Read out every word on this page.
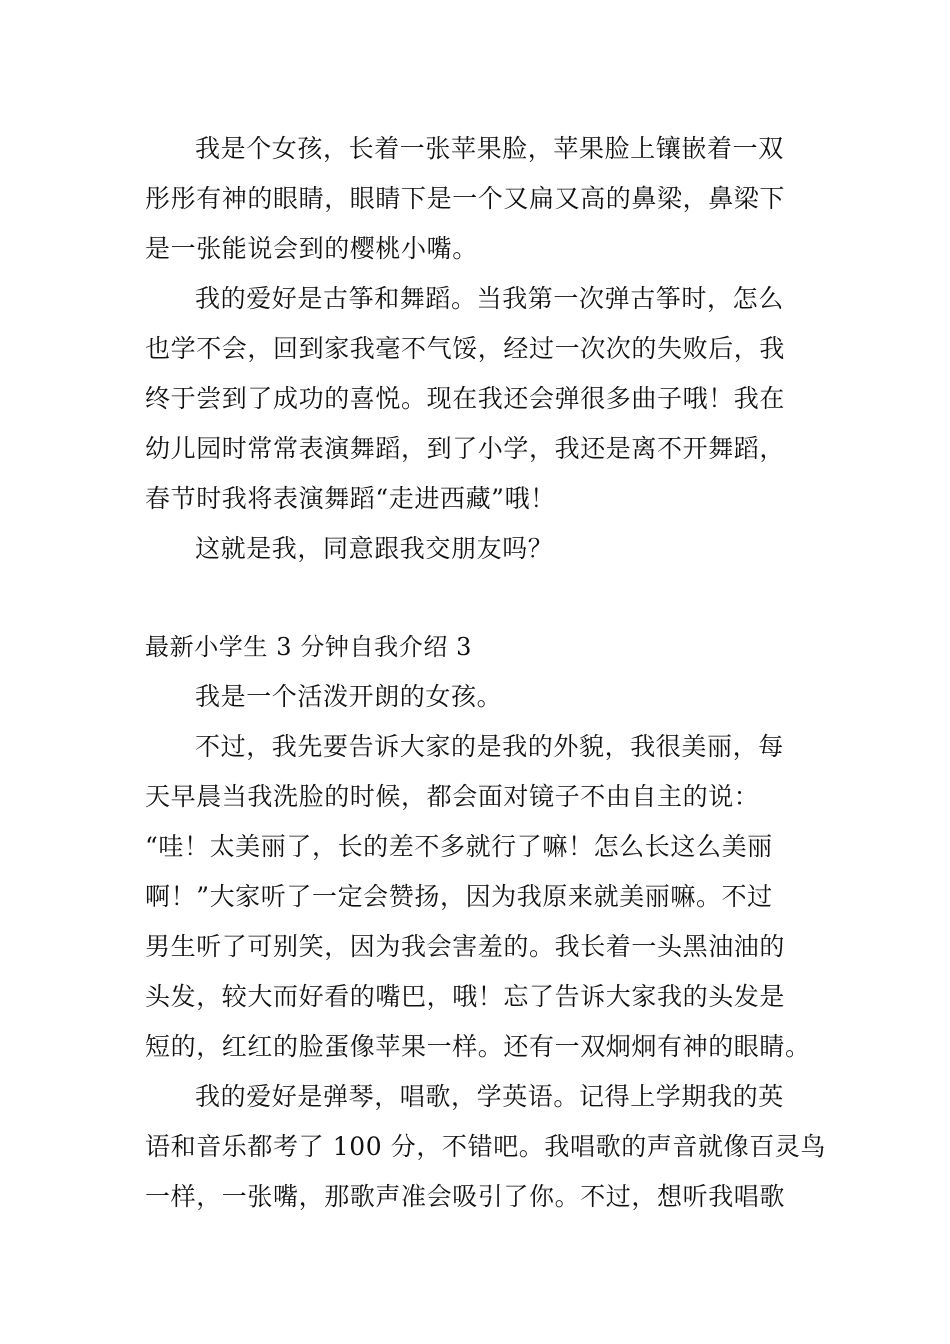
我是个女孩，长着一张苹果脸，苹果脸上镶嵌着一双
彤彤有神的眼睛，眼睛下是一个又扁又高的鼻梁，鼻梁下
是一张能说会到的樱桃小嘴。
我的爱好是古筝和舞蹈。当我第一次弹古筝时，怎么
也学不会，回到家我毫不气馁，经过一次次的失败后，我
终于尝到了成功的喜悦。现在我还会弹很多曲子哦！我在
幼儿园时常常表演舞蹈，到了小学，我还是离不开舞蹈，
春节时我将表演舞蹈“走进西藏”哦！
这就是我，同意跟我交朋友吗？
最新小学生 3 分钟自我介绍 3
我是一个活泼开朗的女孩。
不过，我先要告诉大家的是我的外貌，我很美丽，每
天早晨当我洗脸的时候，都会面对镜子不由自主的说：
“哇！太美丽了，长的差不多就行了嘛！怎么长这么美丽
啊！”大家听了一定会赞扬，因为我原来就美丽嘛。不过
男生听了可别笑，因为我会害羞的。我长着一头黑油油的
头发，较大而好看的嘴巴，哦！忘了告诉大家我的头发是
短的，红红的脸蛋像苹果一样。还有一双炯炯有神的眼睛。
我的爱好是弹琴，唱歌，学英语。记得上学期我的英
语和音乐都考了 100 分，不错吧。我唱歌的声音就像百灵鸟
一样，一张嘴，那歌声准会吸引了你。不过，想听我唱歌
